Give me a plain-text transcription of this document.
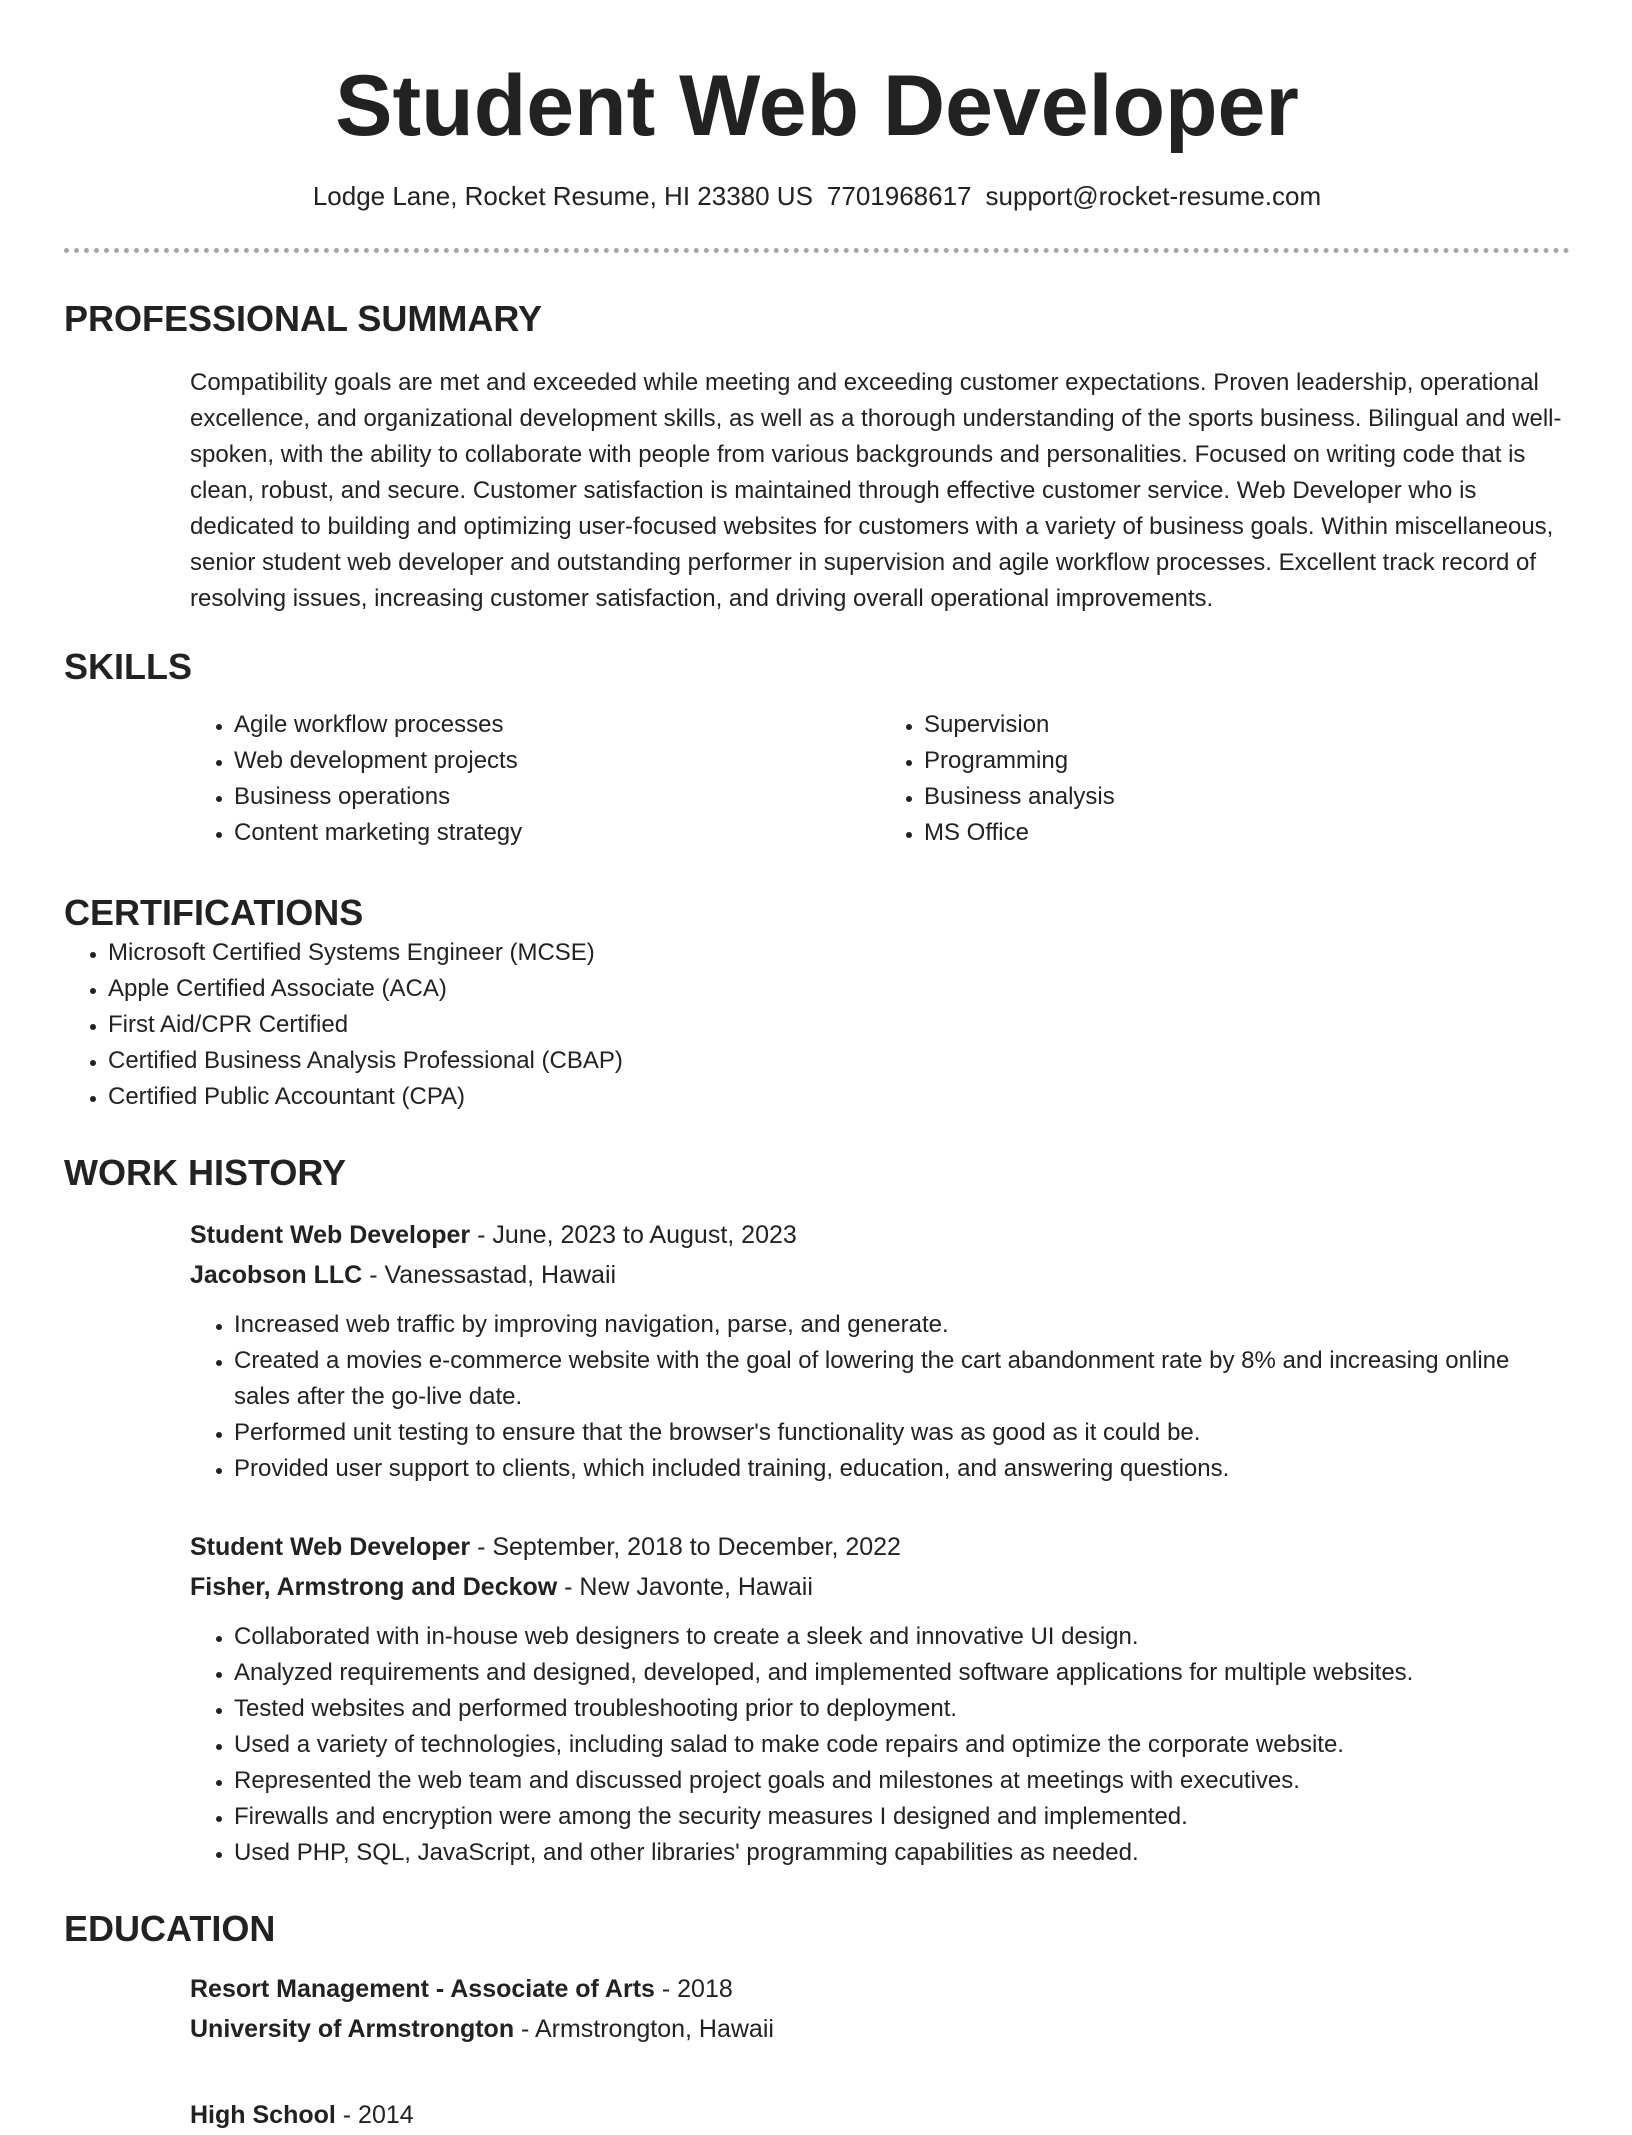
Student Web Developer
Lodge Lane, Rocket Resume, HI 23380 US 7701968617 support@rocket-resume.com
PROFESSIONAL SUMMARY

Compatibility goals are met and exceeded while meeting and exceeding customer expectations. Proven leadership, operational excellence, and organizational development skills, as well as a thorough understanding of the sports business. Bilingual and well-spoken, with the ability to collaborate with people from various backgrounds and personalities. Focused on writing code that is clean, robust, and secure. Customer satisfaction is maintained through effective customer service. Web Developer who is dedicated to building and optimizing user-focused websites for customers with a variety of business goals. Within miscellaneous, senior student web developer and outstanding performer in supervision and agile workflow processes. Excellent track record of resolving issues, increasing customer satisfaction, and driving overall operational improvements.

SKILLS
• Agile workflow processes
• Web development projects
• Business operations
• Content marketing strategy
• Supervision
• Programming
• Business analysis
• MS Office
CERTIFICATIONS
• Microsoft Certified Systems Engineer (MCSE)
• Apple Certified Associate (ACA)
• First Aid/CPR Certified
• Certified Business Analysis Professional (CBAP)
• Certified Public Accountant (CPA)
WORK HISTORY
Student Web Developer - June, 2023 to August, 2023
Jacobson LLC - Vanessastad, Hawaii
• Increased web traffic by improving navigation, parse, and generate.
• Created a movies e-commerce website with the goal of lowering the cart abandonment rate by 8% and increasing online sales after the go-live date.
• Performed unit testing to ensure that the browser's functionality was as good as it could be.
• Provided user support to clients, which included training, education, and answering questions.
Student Web Developer - September, 2018 to December, 2022
Fisher, Armstrong and Deckow - New Javonte, Hawaii
• Collaborated with in-house web designers to create a sleek and innovative UI design.
• Analyzed requirements and designed, developed, and implemented software applications for multiple websites.
• Tested websites and performed troubleshooting prior to deployment.
• Used a variety of technologies, including salad to make code repairs and optimize the corporate website.
• Represented the web team and discussed project goals and milestones at meetings with executives.
• Firewalls and encryption were among the security measures I designed and implemented.
• Used PHP, SQL, JavaScript, and other libraries' programming capabilities as needed.
EDUCATION
Resort Management - Associate of Arts - 2018
University of Armstrongton - Armstrongton, Hawaii
High School - 2014
